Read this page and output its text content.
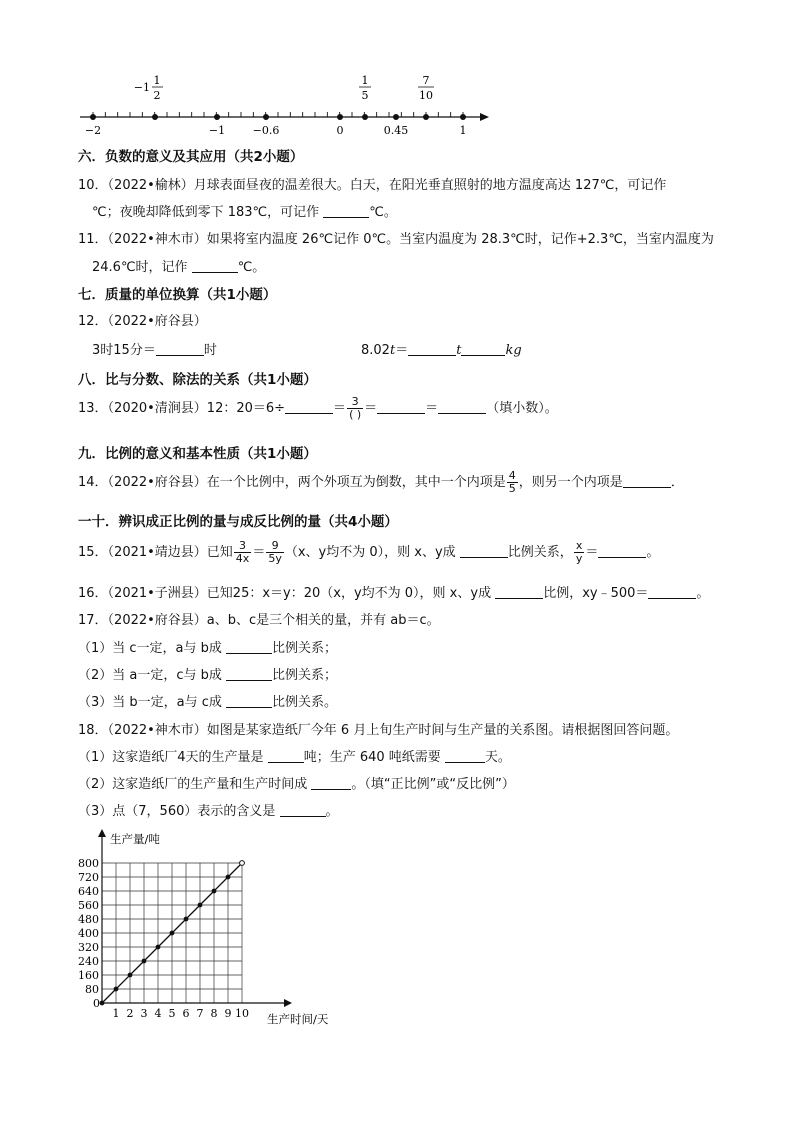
−2	−1	−0.6	0	0.45	1
−1
1
2
1
5
7
10
六．负数的意义及其应用（共2小题）
10．（2022•榆林）月球表面昼夜的温差很大。白天，在阳光垂直照射的地方温度高达 127℃，可记作
℃；夜晚却降低到零下 183℃，可记作	℃。
11．（2022•神木市）如果将室内温度 26℃记作 0℃。当室内温度为 28.3℃时，记作+2.3℃，当室内温度为
24.6℃时，记作	℃。
七．质量的单位换算（共1小题）
12．（2022•府谷县）
3时15分＝	时	8.02t＝	t	kg
八．比与分数、除法的关系（共1小题）
13．（2020•清涧县）12：20＝6÷	＝ $\frac{3}{( )}$ ＝	＝	（填小数）。
九．比例的意义和基本性质（共1小题）
14．（2022•府谷县）在一个比例中，两个外项互为倒数，其中一个内项是 $\frac{4}{5}$ ，则另一个内项是	．
一十．辨识成正比例的量与成反比例的量（共4小题）
15．（2021•靖边县）已知 $\frac{3}{4x} = \frac{9}{5y} (x$、y均不为 0），则 x、y成	比例关系， $\frac{x}{y}$ ＝	。
16．（2021•子洲县）已知25：x＝y：20（x，y均不为 0），则 x、y成	比例，xy﹣500＝	。
17．（2022•府谷县）a、b、c是三个相关的量，并有 ab＝c。
（1）当 c一定，a与 b成	比例关系；
（2）当 a一定，c与 b成	比例关系；
（3）当 b一定，a与 c成	比例关系。
18．（2022•神木市）如图是某家造纸厂今年 6 月上旬生产时间与生产量的关系图。请根据图回答问题。
（1）这家造纸厂4天的生产量是	吨；生产 640 吨纸需要	天。
（2）这家造纸厂的生产量和生产时间成	。（填“正比例”或“反比例”）
（3）点（7，560）表示的含义是	。
1 2 3 4 5 6 7 8 9 10
80
160
240
320
400
480
560
640
720
800
生产量/吨
生产时间/天
0
